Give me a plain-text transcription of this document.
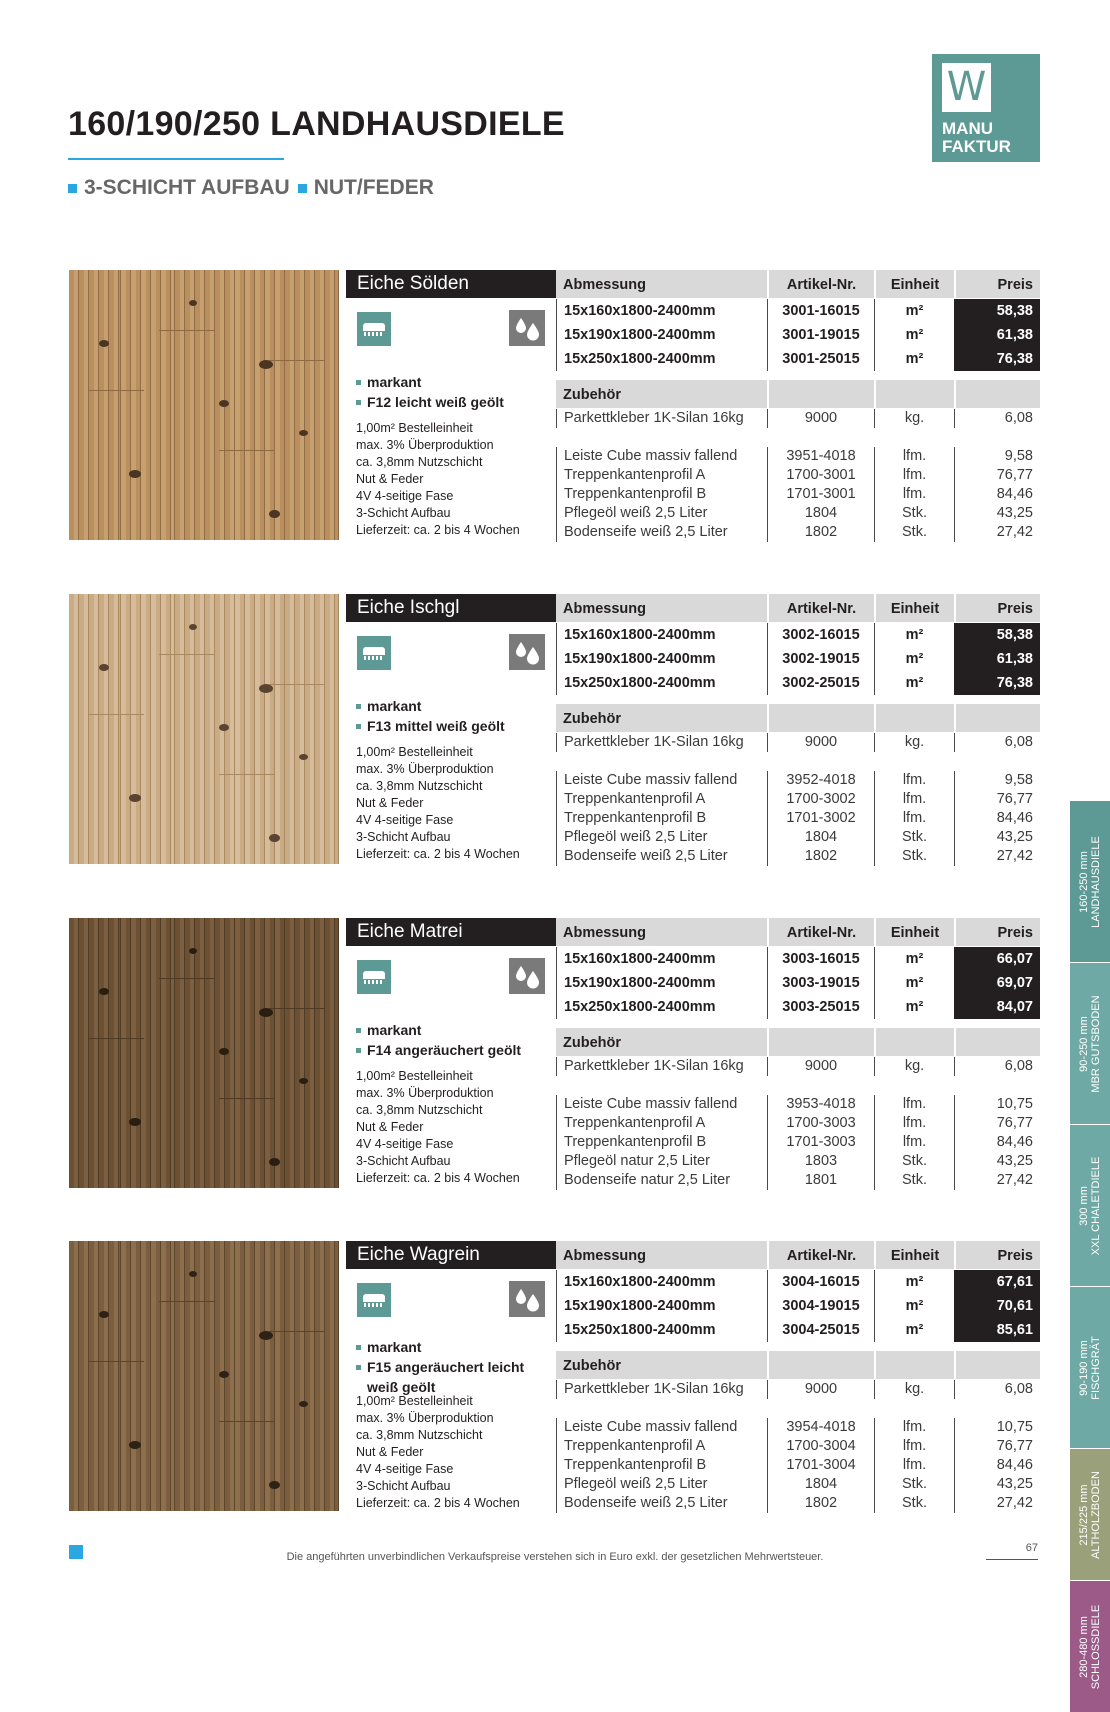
160/190/250 LANDHAUSDIELE
3-SCHICHT AUFBAU NUT/FEDER
W
MANU
FAKTUR
Eiche Sölden
markant
F12 leicht weiß geölt
1,00m² Bestelleinheit
max. 3% Überproduktion
ca. 3,8mm Nutzschicht
Nut & Feder
4V 4-seitige Fase
3-Schicht Aufbau
Lieferzeit: ca. 2 bis 4 Wochen
Abmessung	Artikel-Nr.	Einheit	Preis
15x160x1800-2400mm	3001-16015	m²	58,38
15x190x1800-2400mm	3001-19015	m²	61,38
15x250x1800-2400mm	3001-25015	m²	76,38
Zubehör
Parkettkleber 1K-Silan 16kg	9000	kg.	6,08
Leiste Cube massiv fallend	3951-4018	lfm.	9,58
Treppenkantenprofil A	1700-3001	lfm.	76,77
Treppenkantenprofil B	1701-3001	lfm.	84,46
Pflegeöl weiß 2,5 Liter	1804	Stk.	43,25
Bodenseife weiß 2,5 Liter	1802	Stk.	27,42
Eiche Ischgl
markant
F13 mittel weiß geölt
1,00m² Bestelleinheit
max. 3% Überproduktion
ca. 3,8mm Nutzschicht
Nut & Feder
4V 4-seitige Fase
3-Schicht Aufbau
Lieferzeit: ca. 2 bis 4 Wochen
Abmessung	Artikel-Nr.	Einheit	Preis
15x160x1800-2400mm	3002-16015	m²	58,38
15x190x1800-2400mm	3002-19015	m²	61,38
15x250x1800-2400mm	3002-25015	m²	76,38
Zubehör
Parkettkleber 1K-Silan 16kg	9000	kg.	6,08
Leiste Cube massiv fallend	3952-4018	lfm.	9,58
Treppenkantenprofil A	1700-3002	lfm.	76,77
Treppenkantenprofil B	1701-3002	lfm.	84,46
Pflegeöl weiß 2,5 Liter	1804	Stk.	43,25
Bodenseife weiß 2,5 Liter	1802	Stk.	27,42
Eiche Matrei
markant
F14 angeräuchert geölt
1,00m² Bestelleinheit
max. 3% Überproduktion
ca. 3,8mm Nutzschicht
Nut & Feder
4V 4-seitige Fase
3-Schicht Aufbau
Lieferzeit: ca. 2 bis 4 Wochen
Abmessung	Artikel-Nr.	Einheit	Preis
15x160x1800-2400mm	3003-16015	m²	66,07
15x190x1800-2400mm	3003-19015	m²	69,07
15x250x1800-2400mm	3003-25015	m²	84,07
Zubehör
Parkettkleber 1K-Silan 16kg	9000	kg.	6,08
Leiste Cube massiv fallend	3953-4018	lfm.	10,75
Treppenkantenprofil A	1700-3003	lfm.	76,77
Treppenkantenprofil B	1701-3003	lfm.	84,46
Pflegeöl natur 2,5 Liter	1803	Stk.	43,25
Bodenseife natur 2,5 Liter	1801	Stk.	27,42
Eiche Wagrein
markant
F15 angeräuchert leicht weiß geölt
1,00m² Bestelleinheit
max. 3% Überproduktion
ca. 3,8mm Nutzschicht
Nut & Feder
4V 4-seitige Fase
3-Schicht Aufbau
Lieferzeit: ca. 2 bis 4 Wochen
Abmessung	Artikel-Nr.	Einheit	Preis
15x160x1800-2400mm	3004-16015	m²	67,61
15x190x1800-2400mm	3004-19015	m²	70,61
15x250x1800-2400mm	3004-25015	m²	85,61
Zubehör
Parkettkleber 1K-Silan 16kg	9000	kg.	6,08
Leiste Cube massiv fallend	3954-4018	lfm.	10,75
Treppenkantenprofil A	1700-3004	lfm.	76,77
Treppenkantenprofil B	1701-3004	lfm.	84,46
Pflegeöl weiß 2,5 Liter	1804	Stk.	43,25
Bodenseife weiß 2,5 Liter	1802	Stk.	27,42
160-250 mm LANDHAUSDIELE
90-250 mm MBR GUTSBODEN
300 mm XXL CHALETDIELE
90-190 mm FISCHGRÄT
215/225 mm ALTHOLZBODEN
280-480 mm SCHLOSSDIELE
Die angeführten unverbindlichen Verkaufspreise verstehen sich in Euro exkl. der gesetzlichen Mehrwertsteuer.
67
